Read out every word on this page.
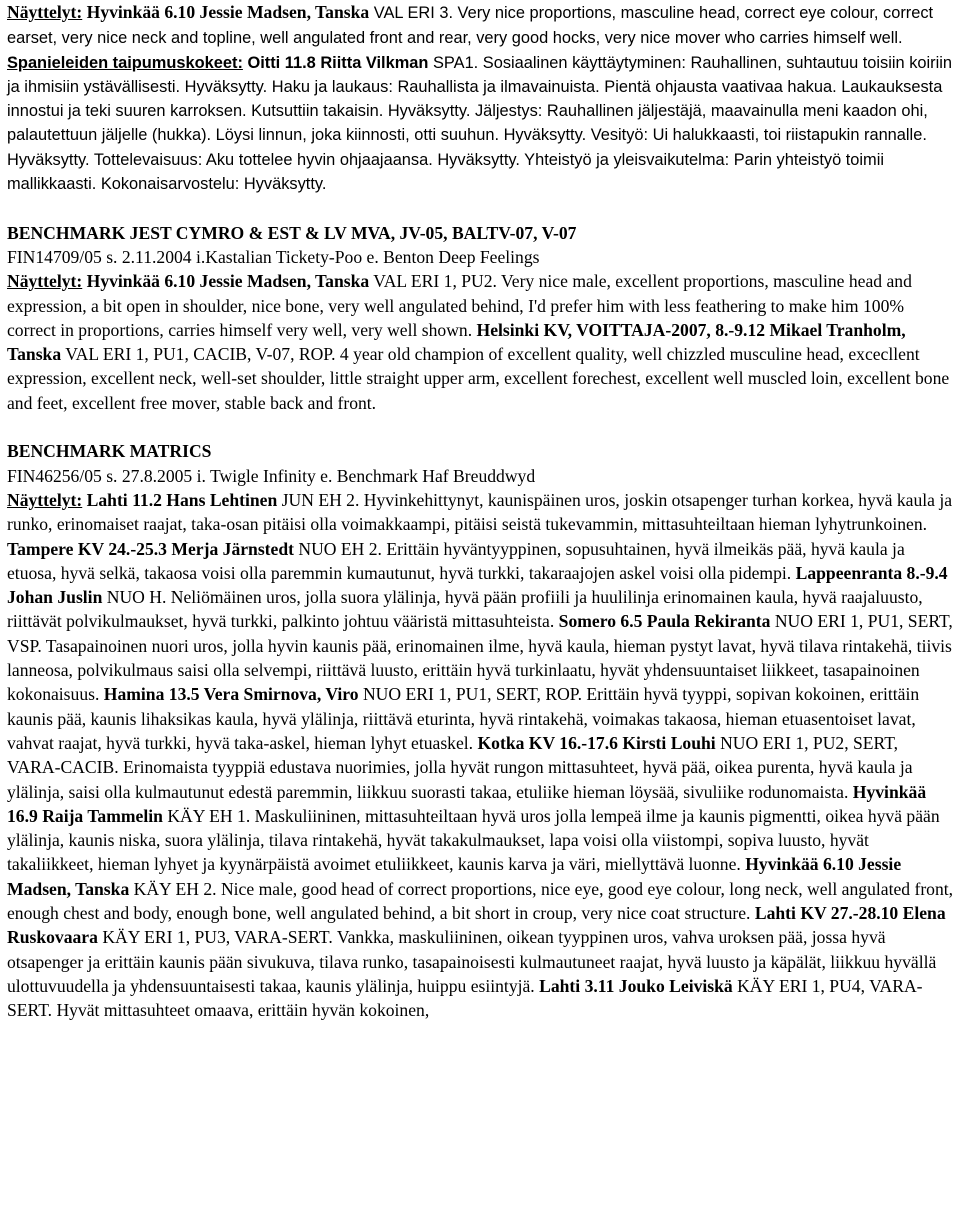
Näyttelyt: Hyvinkää 6.10 Jessie Madsen, Tanska VAL ERI 3. Very nice proportions, masculine head, correct eye colour, correct earset, very nice neck and topline, well angulated front and rear, very good hocks, very nice mover who carries himself well.

Spanieleiden taipumuskokeet: Oitti 11.8 Riitta Vilkman SPA1. Sosiaalinen käyttäytyminen: Rauhallinen, suhtautuu toisiin koiriin ja ihmisiin ystävällisesti. Hyväksytty. Haku ja laukaus: Rauhallista ja ilmavainuista. Pientä ohjausta vaativaa hakua. Laukauksesta innostui ja teki suuren karroksen. Kutsuttiin takaisin. Hyväksytty. Jäljestys: Rauhallinen jäljestäjä, maavainulla meni kaadon ohi, palautettuun jäljelle (hukka). Löysi linnun, joka kiinnosti, otti suuhun. Hyväksytty. Vesityö: Ui halukkaasti, toi riistapukin rannalle. Hyväksytty. Tottelevaisuus: Aku tottelee hyvin ohjaajaansa. Hyväksytty. Yhteistyö ja yleisvaikutelma: Parin yhteistyö toimii mallikkaasti. Kokonaisarvostelu: Hyväksytty.

BENCHMARK JEST CYMRO & EST & LV MVA, JV-05, BALTV-07, V-07

FIN14709/05 s. 2.11.2004 i.Kastalian Tickety-Poo e. Benton Deep Feelings

Näyttelyt: Hyvinkää 6.10 Jessie Madsen, Tanska VAL ERI 1, PU2. Very nice male, excellent proportions, masculine head and expression, a bit open in shoulder, nice bone, very well angulated behind, I'd prefer him with less feathering to make him 100% correct in proportions, carries himself very well, very well shown. Helsinki KV, VOITTAJA-2007, 8.-9.12 Mikael Tranholm, Tanska VAL ERI 1, PU1, CACIB, V-07, ROP. 4 year old champion of excellent quality, well chizzled musculine head, excecllent expression, excellent neck, well-set shoulder, little straight upper arm, excellent forechest, excellent well muscled loin, excellent bone and feet, excellent free mover, stable back and front.

BENCHMARK MATRICS

FIN46256/05 s. 27.8.2005 i. Twigle Infinity e. Benchmark Haf Breuddwyd

Näyttelyt: Lahti 11.2 Hans Lehtinen JUN EH 2. Hyvinkehittynyt, kaunispäinen uros, joskin otsapenger turhan korkea, hyvä kaula ja runko, erinomaiset raajat, taka-osan pitäisi olla voimakkaampi, pitäisi seistä tukevammin, mittasuhteiltaan hieman lyhytrunkoinen. Tampere KV 24.-25.3 Merja Järnstedt NUO EH 2. Erittäin hyväntyyppinen, sopusuhtainen, hyvä ilmeikäs pää, hyvä kaula ja etuosa, hyvä selkä, takaosa voisi olla paremmin kumautunut, hyvä turkki, takaraajojen askel voisi olla pidempi. Lappeenranta 8.-9.4 Johan Juslin NUO H. Neliömäinen uros, jolla suora ylälinja, hyvä pään profiili ja huulilinja erinomainen kaula, hyvä raajaluusto, riittävät polvikulmaukset, hyvä turkki, palkinto johtuu vääristä mittasuhteista. Somero 6.5 Paula Rekiranta NUO ERI 1, PU1, SERT, VSP. Tasapainoinen nuori uros, jolla hyvin kaunis pää, erinomainen ilme, hyvä kaula, hieman pystyt lavat, hyvä tilava rintakehä, tiivis lanneosa, polvikulmaus saisi olla selvempi, riittävä luusto, erittäin hyvä turkinlaatu, hyvät yhdensuuntaiset liikkeet, tasapainoinen kokonaisuus. Hamina 13.5 Vera Smirnova, Viro NUO ERI 1, PU1, SERT, ROP. Erittäin hyvä tyyppi, sopivan kokoinen, erittäin kaunis pää, kaunis lihaksikas kaula, hyvä ylälinja, riittävä eturinta, hyvä rintakehä, voimakas takaosa, hieman etuasentoiset lavat, vahvat raajat, hyvä turkki, hyvä taka-askel, hieman lyhyt etuaskel. Kotka KV 16.-17.6 Kirsti Louhi NUO ERI 1, PU2, SERT, VARA-CACIB. Erinomaista tyyppiä edustava nuorimies, jolla hyvät rungon mittasuhteet, hyvä pää, oikea purenta, hyvä kaula ja ylälinja, saisi olla kulmautunut edestä paremmin, liikkuu suorasti takaa, etuliike hieman löysää, sivuliike rodunomaista. Hyvinkää 16.9 Raija Tammelin KÄY EH 1. Maskuliininen, mittasuhteiltaan hyvä uros jolla lempeä ilme ja kaunis pigmentti, oikea hyvä pään ylälinja, kaunis niska, suora ylälinja, tilava rintakehä, hyvät takakulmaukset, lapa voisi olla viistompi, sopiva luusto, hyvät takaliikkeet, hieman lyhyet ja kyynärpäistä avoimet etuliikkeet, kaunis karva ja väri, miellyttävä luonne. Hyvinkää 6.10 Jessie Madsen, Tanska KÄY EH 2. Nice male, good head of correct proportions, nice eye, good eye colour, long neck, well angulated front, enough chest and body, enough bone, well angulated behind, a bit short in croup, very nice coat structure. Lahti KV 27.-28.10 Elena Ruskovaara KÄY ERI 1, PU3, VARA-SERT. Vankka, maskuliininen, oikean tyyppinen uros, vahva uroksen pää, jossa hyvä otsapenger ja erittäin kaunis pään sivukuva, tilava runko, tasapainoisesti kulmautuneet raajat, hyvä luusto ja käpälät, liikkuu hyvällä ulottuvuudella ja yhdensuuntaisesti takaa, kaunis ylälinja, huippu esiintyjä. Lahti 3.11 Jouko Leiviskä KÄY ERI 1, PU4, VARA-SERT. Hyvät mittasuhteet omaava, erittäin hyvän kokoinen,
